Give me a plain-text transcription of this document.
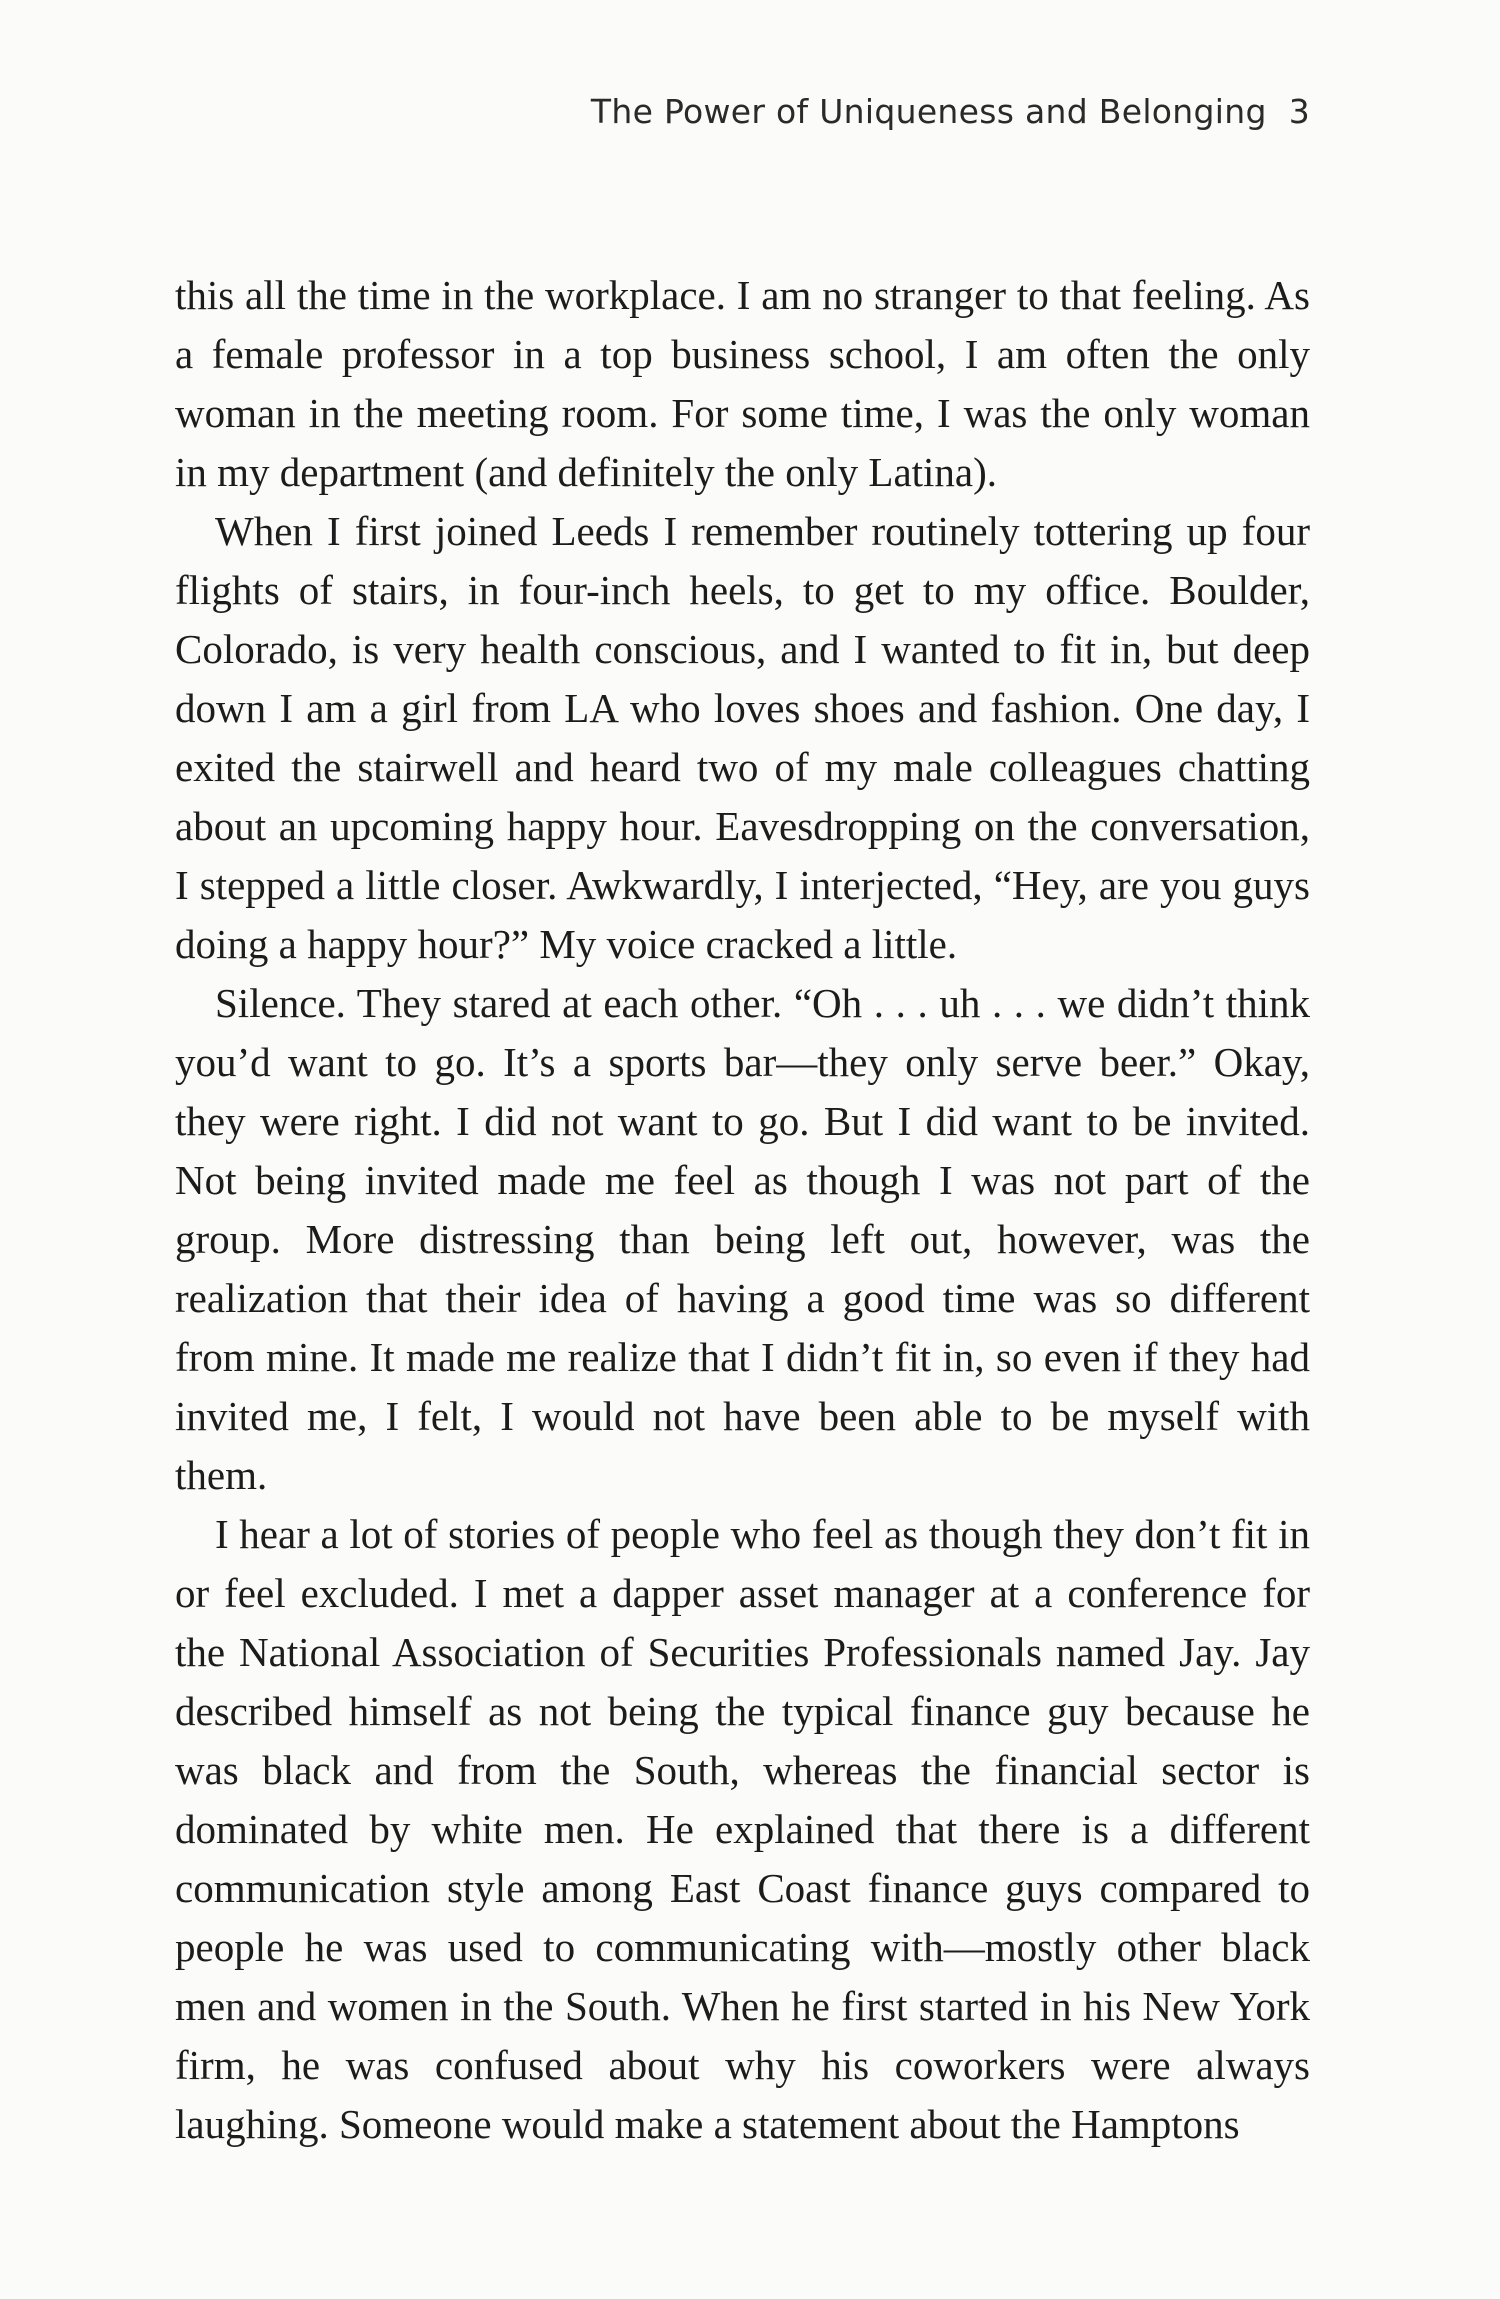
The Power of Uniqueness and Belonging 3

this all the time in the workplace. I am no stranger to that feeling. As a female professor in a top business school, I am often the only woman in the meeting room. For some time, I was the only woman in my department (and definitely the only Latina).

When I first joined Leeds I remember routinely tottering up four flights of stairs, in four-inch heels, to get to my office. Boulder, Colorado, is very health conscious, and I wanted to fit in, but deep down I am a girl from LA who loves shoes and fashion. One day, I exited the stairwell and heard two of my male colleagues chatting about an upcoming happy hour. Eavesdropping on the conversation, I stepped a little closer. Awkwardly, I interjected, “Hey, are you guys doing a happy hour?” My voice cracked a little.

Silence. They stared at each other. “Oh . . . uh . . . we didn’t think you’d want to go. It’s a sports bar—they only serve beer.” Okay, they were right. I did not want to go. But I did want to be invited. Not being invited made me feel as though I was not part of the group. More distressing than being left out, however, was the realization that their idea of having a good time was so different from mine. It made me realize that I didn’t fit in, so even if they had invited me, I felt, I would not have been able to be myself with them.

I hear a lot of stories of people who feel as though they don’t fit in or feel excluded. I met a dapper asset manager at a conference for the National Association of Securities Professionals named Jay. Jay described himself as not being the typical finance guy because he was black and from the South, whereas the financial sector is dominated by white men. He explained that there is a different communication style among East Coast finance guys compared to people he was used to communicating with—mostly other black men and women in the South. When he first started in his New York firm, he was confused about why his coworkers were always laughing. Someone would make a statement about the Hamptons
